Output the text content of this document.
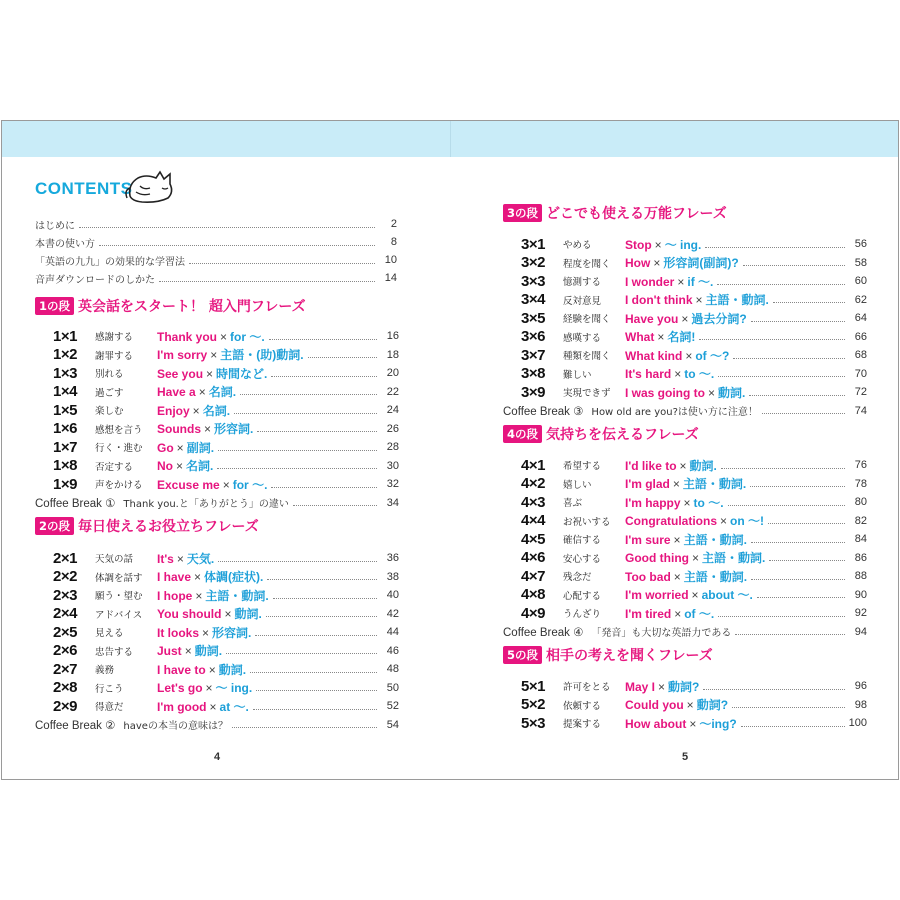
CONTENTS
はじめに	2
本書の使い方	8
「英語の九九」の効果的な学習法	10
音声ダウンロードのしかた	14
1の段 英会話をスタート！ 超入門フレーズ
1×1	感謝する	Thank you × for 〜.	16
1×2	謝罪する	I'm sorry × 主語・(助)動詞.	18
1×3	別れる	See you × 時間など.	20
1×4	過ごす	Have a × 名詞.	22
1×5	楽しむ	Enjoy × 名詞.	24
1×6	感想を言う	Sounds × 形容詞.	26
1×7	行く・進む	Go × 副詞.	28
1×8	否定する	No × 名詞.	30
1×9	声をかける	Excuse me × for 〜.	32
Coffee Break ① Thank you.と「ありがとう」の違い	34
2の段 毎日使えるお役立ちフレーズ
2×1	天気の話	It's × 天気.	36
2×2	体調を話す	I have × 体調(症状).	38
2×3	願う・望む	I hope × 主語・動詞.	40
2×4	アドバイス	You should × 動詞.	42
2×5	見える	It looks × 形容詞.	44
2×6	忠告する	Just × 動詞.	46
2×7	義務	I have to × 動詞.	48
2×8	行こう	Let's go × 〜 ing.	50
2×9	得意だ	I'm good × at 〜.	52
Coffee Break ② haveの本当の意味は？	54
3の段 どこでも使える万能フレーズ
3×1	やめる	Stop × 〜 ing.	56
3×2	程度を聞く	How × 形容詞(副詞)?	58
3×3	憶測する	I wonder × if 〜.	60
3×4	反対意見	I don't think × 主語・動詞.	62
3×5	経験を聞く	Have you × 過去分詞?	64
3×6	感嘆する	What × 名詞!	66
3×7	種類を聞く	What kind × of 〜?	68
3×8	難しい	It's hard × to 〜.	70
3×9	実現できず	I was going to × 動詞.	72
Coffee Break ③ How old are you?は使い方に注意！	74
4の段 気持ちを伝えるフレーズ
4×1	希望する	I'd like to × 動詞.	76
4×2	嬉しい	I'm glad × 主語・動詞.	78
4×3	喜ぶ	I'm happy × to 〜.	80
4×4	お祝いする	Congratulations × on 〜!	82
4×5	確信する	I'm sure × 主語・動詞.	84
4×6	安心する	Good thing × 主語・動詞.	86
4×7	残念だ	Too bad × 主語・動詞.	88
4×8	心配する	I'm worried × about 〜.	90
4×9	うんざり	I'm tired × of 〜.	92
Coffee Break ④ 「発音」も大切な英語力である	94
5の段 相手の考えを聞くフレーズ
5×1	許可をとる	May I × 動詞?	96
5×2	依頼する	Could you × 動詞?	98
5×3	提案する	How about × 〜ing?	100
4	5
